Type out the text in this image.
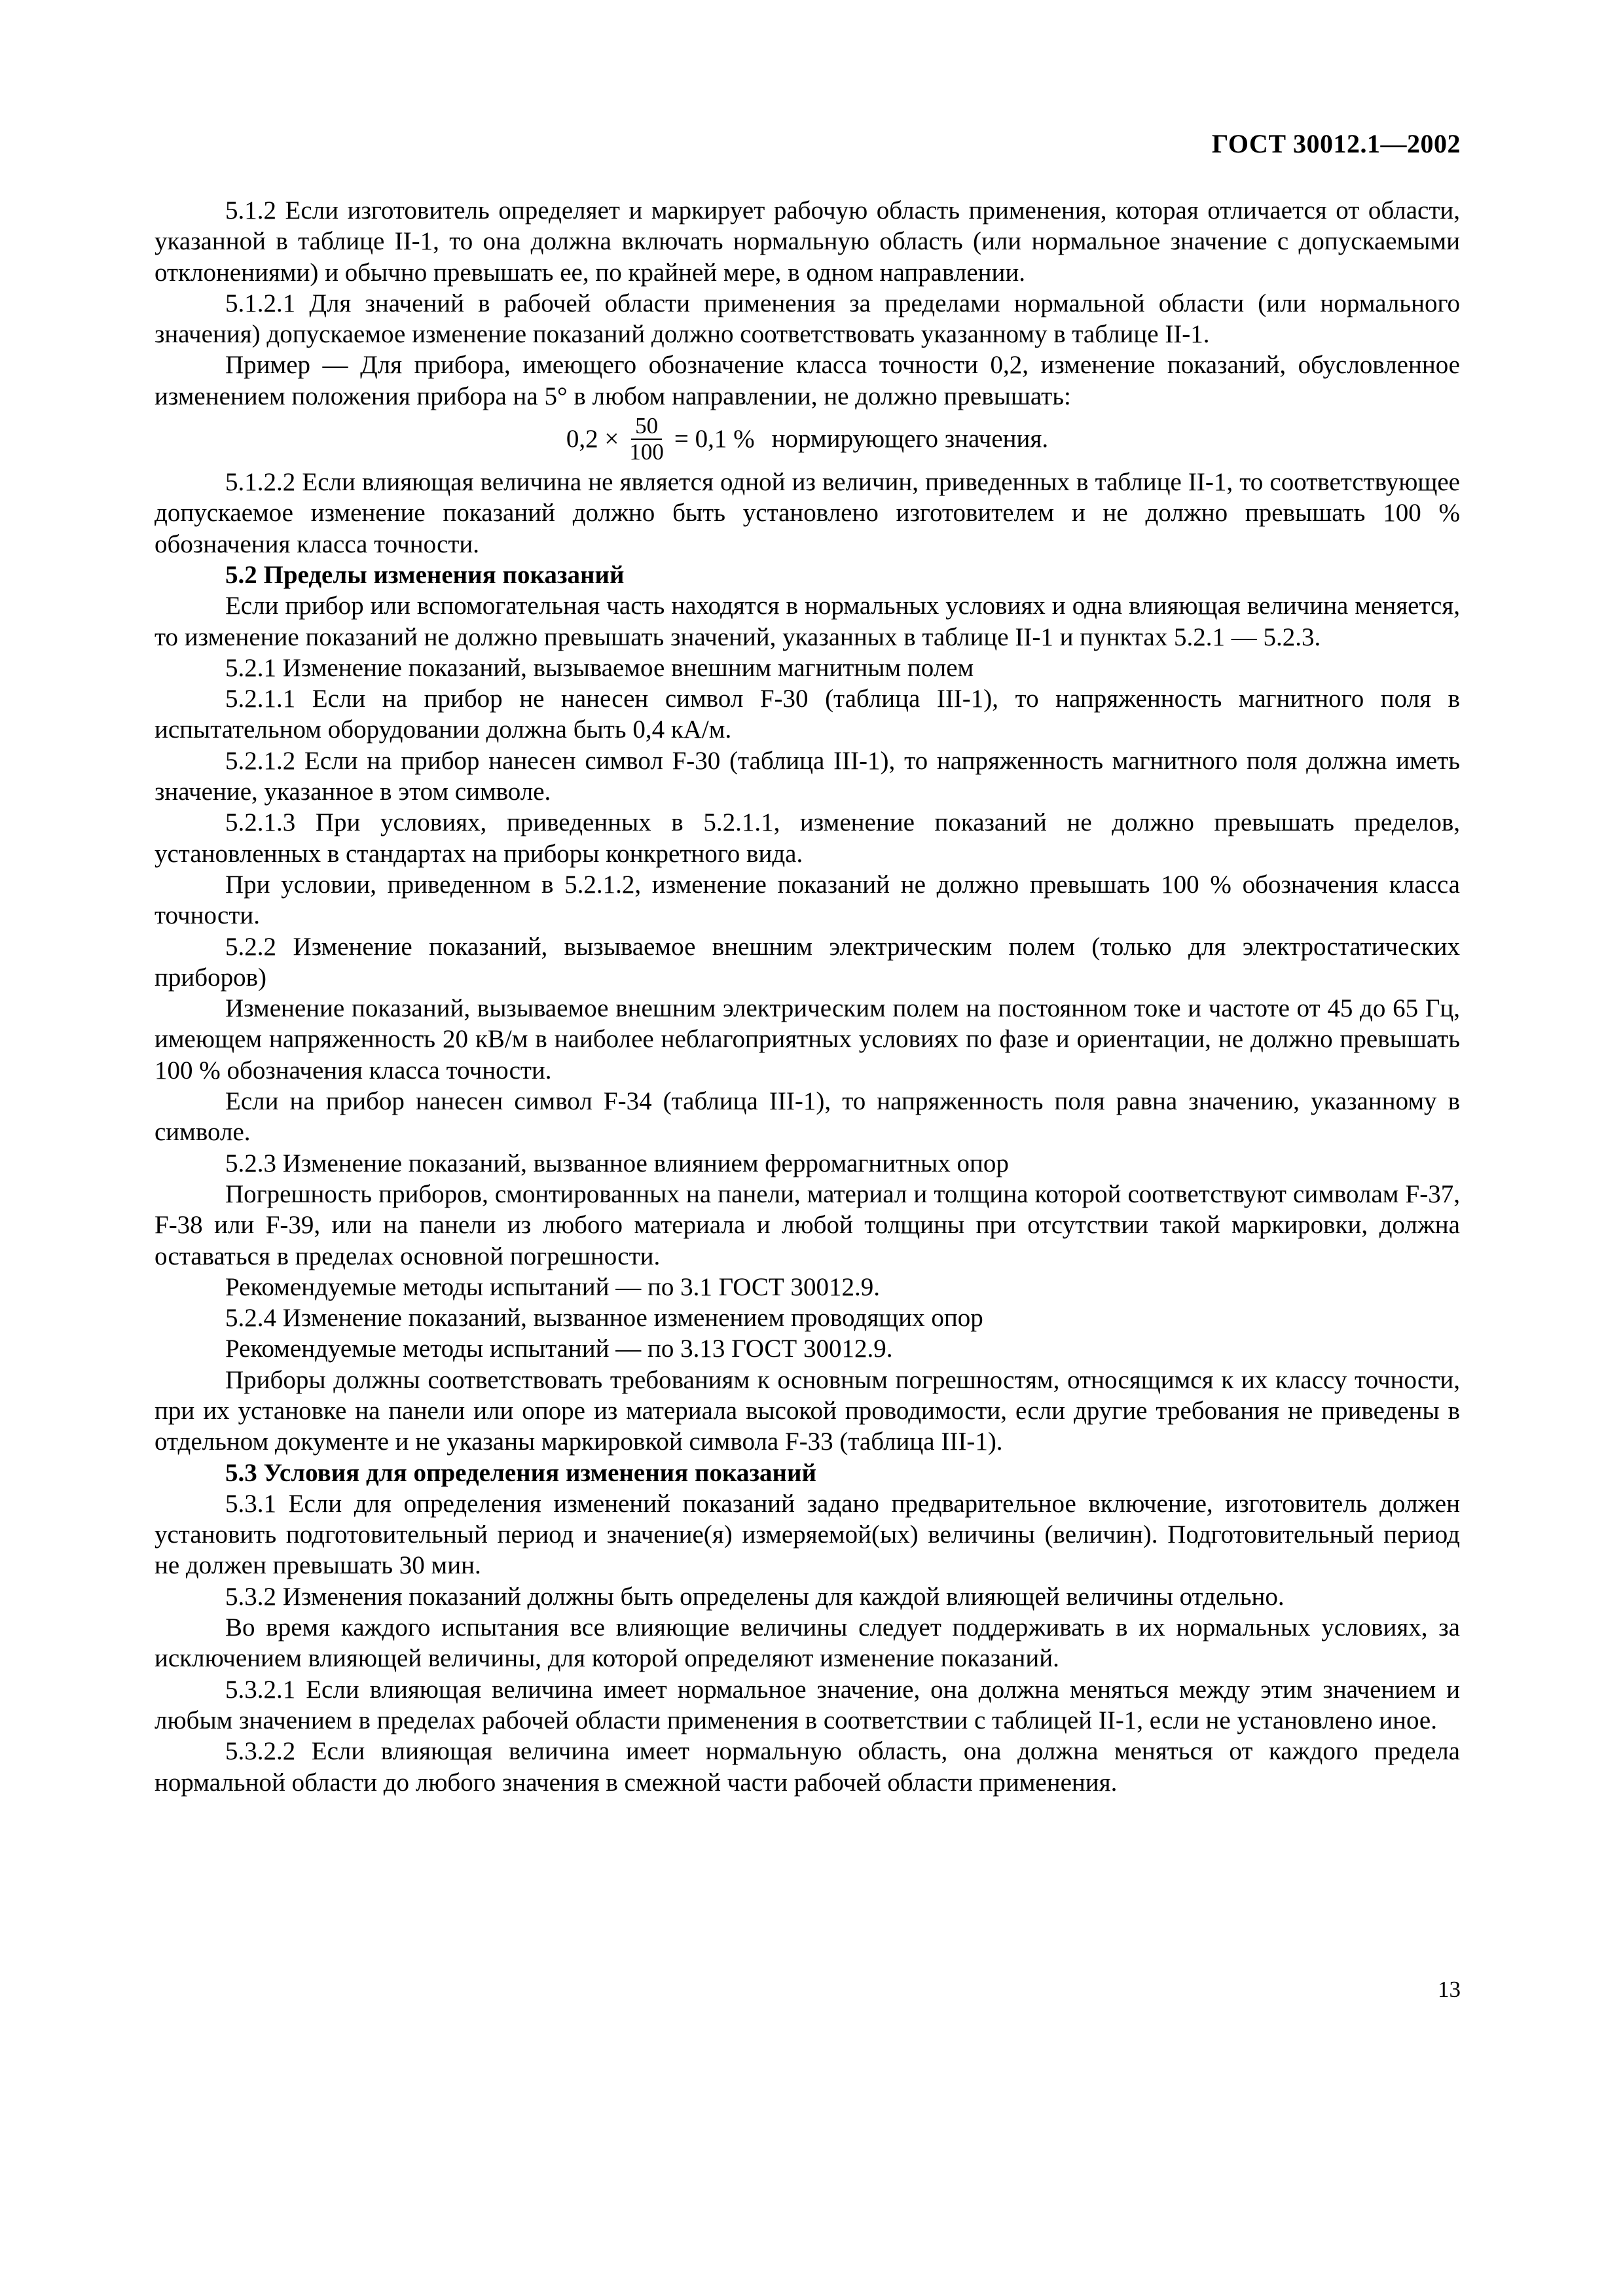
ГОСТ 30012.1—2002

5.1.2 Если изготовитель определяет и маркирует рабочую область применения, которая отличается от области, указанной в таблице II-1, то она должна включать нормальную область (или нормальное значение с допускаемыми отклонениями) и обычно превышать ее, по крайней мере, в одном направлении.

5.1.2.1 Для значений в рабочей области применения за пределами нормальной области (или нормального значения) допускаемое изменение показаний должно соответствовать указанному в таблице II-1.

Пример — Для прибора, имеющего обозначение класса точности 0,2, изменение показаний, обусловленное изменением положения прибора на 5° в любом направлении, не должно превышать:

$0,2 \times \frac{50}{100} = 0,1$ % нормирующего значения.

5.1.2.2 Если влияющая величина не является одной из величин, приведенных в таблице II-1, то соответствующее допускаемое изменение показаний должно быть установлено изготовителем и не должно превышать 100 % обозначения класса точности.

5.2 Пределы изменения показаний

Если прибор или вспомогательная часть находятся в нормальных условиях и одна влияющая величина меняется, то изменение показаний не должно превышать значений, указанных в таблице II-1 и пунктах 5.2.1 — 5.2.3.

5.2.1 Изменение показаний, вызываемое внешним магнитным полем

5.2.1.1 Если на прибор не нанесен символ F-30 (таблица III-1), то напряженность магнитного поля в испытательном оборудовании должна быть 0,4 кА/м.

5.2.1.2 Если на прибор нанесен символ F-30 (таблица III-1), то напряженность магнитного поля должна иметь значение, указанное в этом символе.

5.2.1.3 При условиях, приведенных в 5.2.1.1, изменение показаний не должно превышать пределов, установленных в стандартах на приборы конкретного вида.

При условии, приведенном в 5.2.1.2, изменение показаний не должно превышать 100 % обозначения класса точности.

5.2.2 Изменение показаний, вызываемое внешним электрическим полем (только для электростатических приборов)

Изменение показаний, вызываемое внешним электрическим полем на постоянном токе и частоте от 45 до 65 Гц, имеющем напряженность 20 кВ/м в наиболее неблагоприятных условиях по фазе и ориентации, не должно превышать 100 % обозначения класса точности.

Если на прибор нанесен символ F-34 (таблица III-1), то напряженность поля равна значению, указанному в символе.

5.2.3 Изменение показаний, вызванное влиянием ферромагнитных опор

Погрешность приборов, смонтированных на панели, материал и толщина которой соответствуют символам F-37, F-38 или F-39, или на панели из любого материала и любой толщины при отсутствии такой маркировки, должна оставаться в пределах основной погрешности.

Рекомендуемые методы испытаний — по 3.1 ГОСТ 30012.9.

5.2.4 Изменение показаний, вызванное изменением проводящих опор

Рекомендуемые методы испытаний — по 3.13 ГОСТ 30012.9.

Приборы должны соответствовать требованиям к основным погрешностям, относящимся к их классу точности, при их установке на панели или опоре из материала высокой проводимости, если другие требования не приведены в отдельном документе и не указаны маркировкой символа F-33 (таблица III-1).

5.3 Условия для определения изменения показаний

5.3.1 Если для определения изменений показаний задано предварительное включение, изготовитель должен установить подготовительный период и значение(я) измеряемой(ых) величины (величин). Подготовительный период не должен превышать 30 мин.

5.3.2 Изменения показаний должны быть определены для каждой влияющей величины отдельно.

Во время каждого испытания все влияющие величины следует поддерживать в их нормальных условиях, за исключением влияющей величины, для которой определяют изменение показаний.

5.3.2.1 Если влияющая величина имеет нормальное значение, она должна меняться между этим значением и любым значением в пределах рабочей области применения в соответствии с таблицей II-1, если не установлено иное.

5.3.2.2 Если влияющая величина имеет нормальную область, она должна меняться от каждого предела нормальной области до любого значения в смежной части рабочей области применения.

13
